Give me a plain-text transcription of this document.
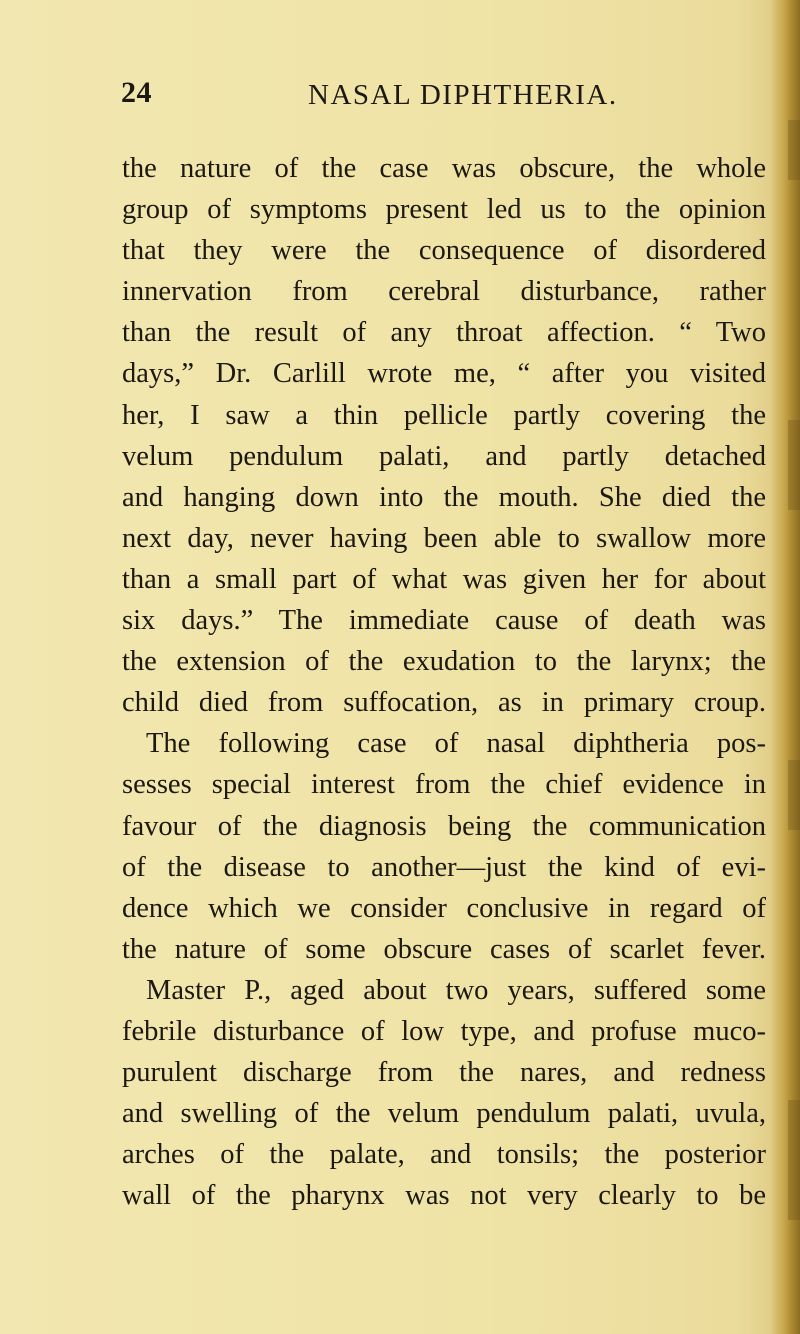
24	NASAL DIPHTHERIA.
the nature of the case was obscure, the whole
group of symptoms present led us to the opinion
that they were the consequence of disordered
innervation from cerebral disturbance, rather
than the result of any throat affection. “ Two
days,” Dr. Carlill wrote me, “ after you visited
her, I saw a thin pellicle partly covering the
velum pendulum palati, and partly detached
and hanging down into the mouth. She died the
next day, never having been able to swallow more
than a small part of what was given her for about
six days.” The immediate cause of death was
the extension of the exudation to the larynx; the
child died from suffocation, as in primary croup.
The following case of nasal diphtheria pos-
sesses special interest from the chief evidence in
favour of the diagnosis being the communication
of the disease to another—just the kind of evi-
dence which we consider conclusive in regard of
the nature of some obscure cases of scarlet fever.
Master P., aged about two years, suffered some
febrile disturbance of low type, and profuse muco-
purulent discharge from the nares, and redness
and swelling of the velum pendulum palati, uvula,
arches of the palate, and tonsils; the posterior
wall of the pharynx was not very clearly to be
